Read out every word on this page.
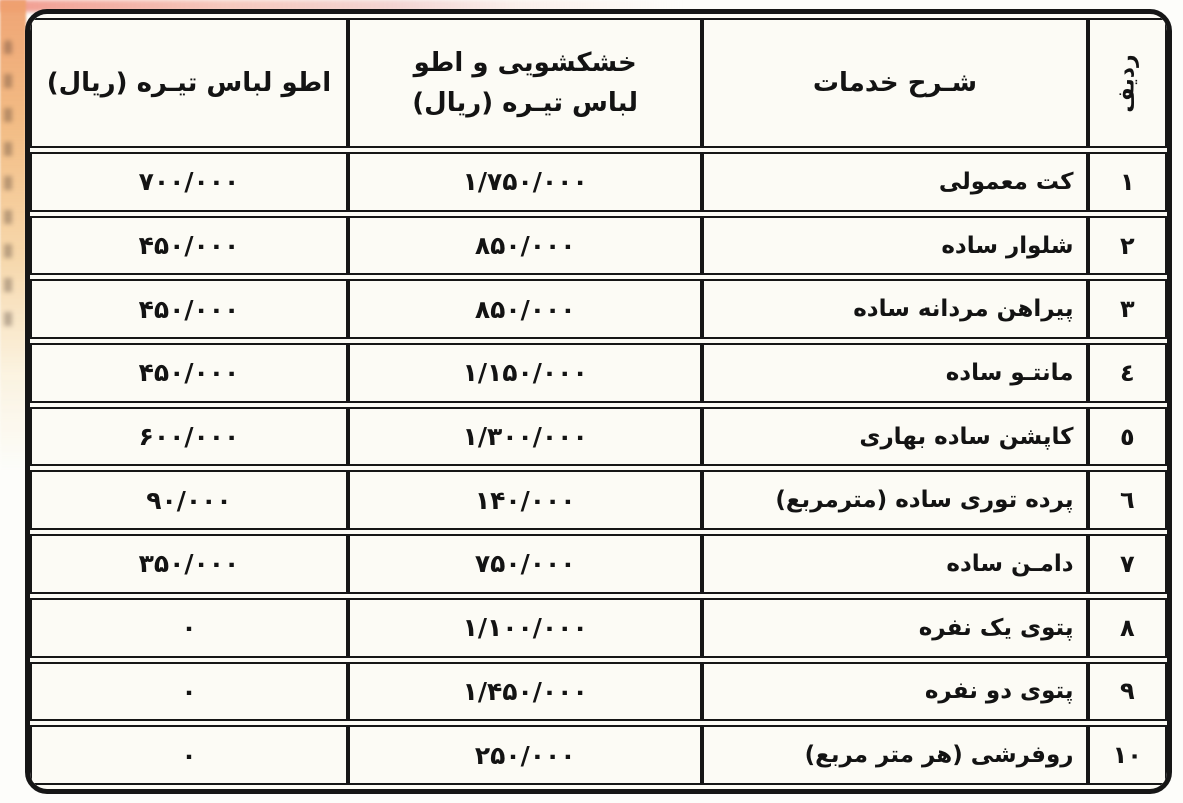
ردیف	شـرح خدمات	خشکشویی و اطو
لباس تیـره (ریال)	اطو لباس تیـره (ریال)
۱	کت معمولی	۱/۷۵۰/۰۰۰	۷۰۰/۰۰۰
۲	شلوار ساده	۸۵۰/۰۰۰	۴۵۰/۰۰۰
۳	پیراهن مردانه ساده	۸۵۰/۰۰۰	۴۵۰/۰۰۰
٤	مانتـو ساده	۱/۱۵۰/۰۰۰	۴۵۰/۰۰۰
٥	کاپشن ساده بهاری	۱/۳۰۰/۰۰۰	۶۰۰/۰۰۰
٦	پرده توری ساده (مترمربع)	۱۴۰/۰۰۰	۹۰/۰۰۰
۷	دامـن ساده	۷۵۰/۰۰۰	۳۵۰/۰۰۰
۸	پتوی یک نفره	۱/۱۰۰/۰۰۰	۰
۹	پتوی دو نفره	۱/۴۵۰/۰۰۰	۰
۱۰	روفرشی (هر متر مربع)	۲۵۰/۰۰۰	۰
